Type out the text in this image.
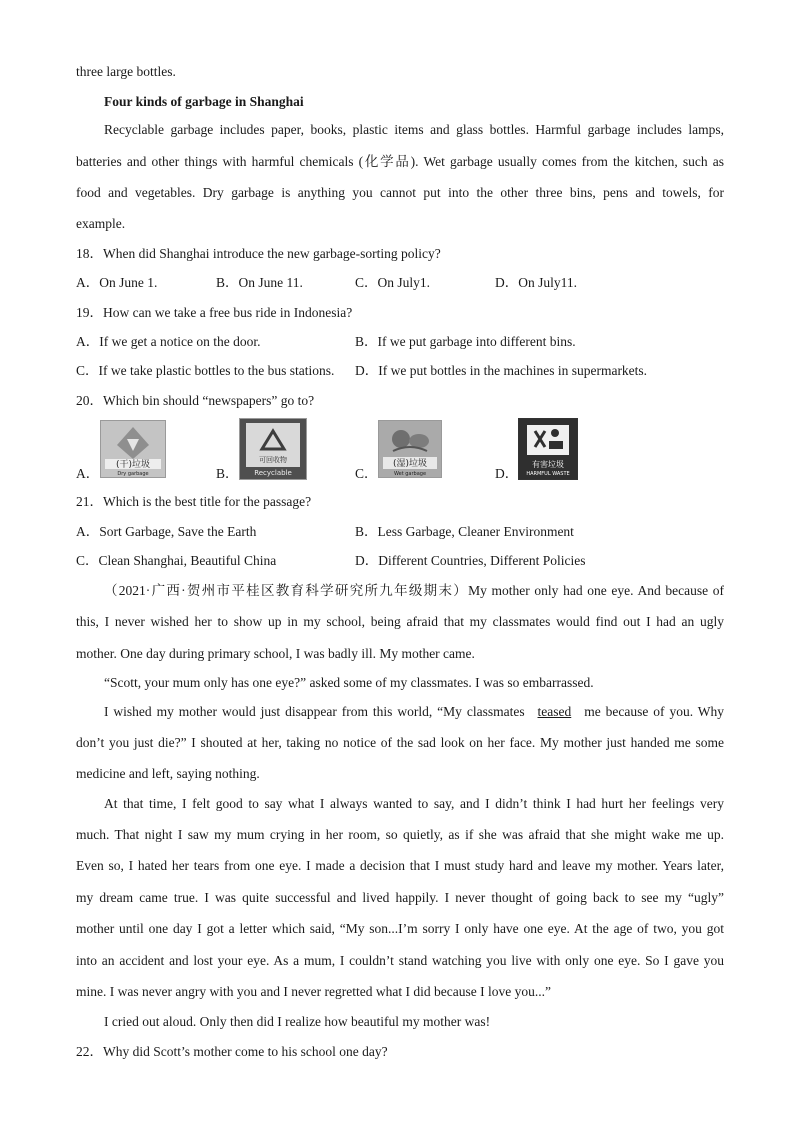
three large bottles.
Four kinds of garbage in Shanghai
Recyclable garbage includes paper, books, plastic items and glass bottles. Harmful garbage includes lamps,
batteries and other things with harmful chemicals (化学品). Wet garbage usually comes from the kitchen, such as
food and vegetables. Dry garbage is anything you cannot put into the other three bins, pens and towels, for
example.
18．When did Shanghai introduce the new garbage-sorting policy?
A．On June 1.	B．On June 11.	C．On July1.	D．On July11.
19．How can we take a free bus ride in Indonesia?
A．If we get a notice on the door.	B．If we put garbage into different bins.
C．If we take plastic bottles to the bus stations. D．If we put bottles in the machines in supermarkets.
20．Which bin should “newspapers” go to?
A．
(干)垃圾
Dry garbage	B．
可回收物
Recyclable	C．
(湿)垃圾
Wet garbage	D．
有害垃圾
HARMFUL WASTE
21．Which is the best title for the passage?
A．Sort Garbage, Save the Earth	B．Less Garbage, Cleaner Environment
C．Clean Shanghai, Beautiful China	D．Different Countries, Different Policies
（2021·广西·贺州市平桂区教育科学研究所九年级期末）My mother only had one eye. And because of
this, I never wished her to show up in my school, being afraid that my classmates would find out I had an ugly
mother. One day during primary school, I was badly ill. My mother came.
“Scott, your mum only has one eye?” asked some of my classmates. I was so embarrassed.
I wished my mother would just disappear from this world, “My classmates teased me because of you. Why
don’t you just die?” I shouted at her, taking no notice of the sad look on her face. My mother just handed me some
medicine and left, saying nothing.
At that time, I felt good to say what I always wanted to say, and I didn’t think I had hurt her feelings very
much. That night I saw my mum crying in her room, so quietly, as if she was afraid that she might wake me up.
Even so, I hated her tears from one eye. I made a decision that I must study hard and leave my mother. Years later,
my dream came true. I was quite successful and lived happily. I never thought of going back to see my “ugly”
mother until one day I got a letter which said, “My son...I’m sorry I only have one eye. At the age of two, you got
into an accident and lost your eye. As a mum, I couldn’t stand watching you live with only one eye. So I gave you
mine. I was never angry with you and I never regretted what I did because I love you...”
I cried out aloud. Only then did I realize how beautiful my mother was!
22．Why did Scott’s mother come to his school one day?
